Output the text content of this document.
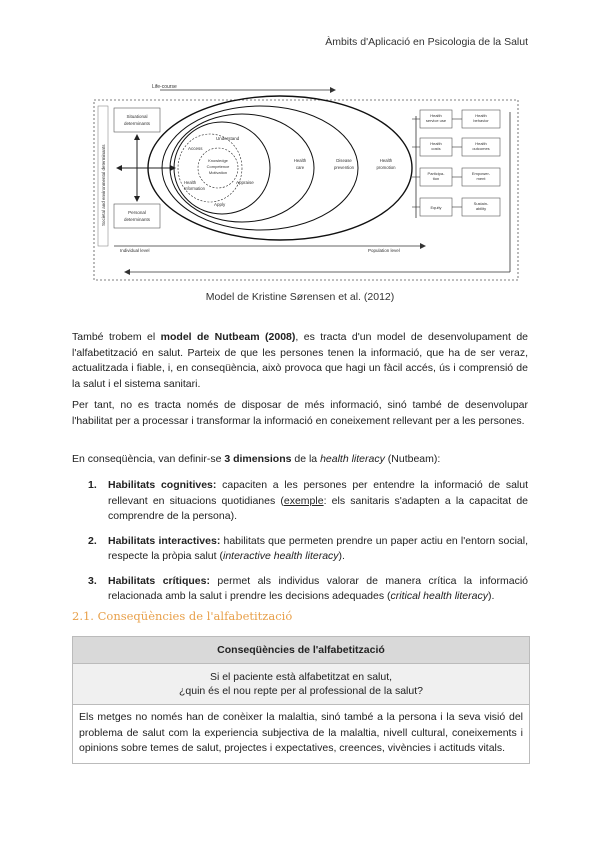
Àmbits d'Aplicació en Psicologia de la Salut
Life-course
Societal and environmental determinants
Situational
determinants
Personal
determinants
Access
Understand
Appraise
Apply
Knowledge
Competence
Motivation
Health
Information
Health
care
Disease
prevention
Health
promotion
Individual level	Population level
Health
service use
Health
costs
Participa-
tion
Equity
Health
behavior
Health
outcomes
Empower-
ment
Sustain-
ability
Model de Kristine Sørensen et al. (2012)
També trobem el model de Nutbeam (2008), es tracta d'un model de desenvolupament de l'alfabetització en salut. Parteix de que les persones tenen la informació, que ha de ser veraz, actualitzada i fiable, i, en conseqüència, això provoca que hagi un fàcil accés, ús i comprensió de la salut i el sistema sanitari.
Per tant, no es tracta només de disposar de més informació, sinó també de desenvolupar l'habilitat per a processar i transformar la informació en coneixement rellevant per a les persones.
En conseqüència, van definir-se 3 dimensions de la health literacy (Nutbeam):
1. Habilitats cognitives: capaciten a les persones per entendre la informació de salut rellevant en situacions quotidianes (exemple: els sanitaris s'adapten a la capacitat de comprendre de la persona).
2. Habilitats interactives: habilitats que permeten prendre un paper actiu en l'entorn social, respecte la pròpia salut (interactive health literacy).
3. Habilitats crítiques: permet als individus valorar de manera crítica la informació relacionada amb la salut i prendre les decisions adequades (critical health literacy).
2.1. Conseqüències de l'alfabetització
Conseqüències de l'alfabetització
Si el paciente està alfabetitzat en salut,
¿quin és el nou repte per al professional de la salut?
Els metges no només han de conèixer la malaltia, sinó també a la persona i la seva visió del problema de salut com la experiencia subjectiva de la malaltia, nivell cultural, coneixements i opinions sobre temes de salut, projectes i expectatives, creences, vivències i actituds vitals.
